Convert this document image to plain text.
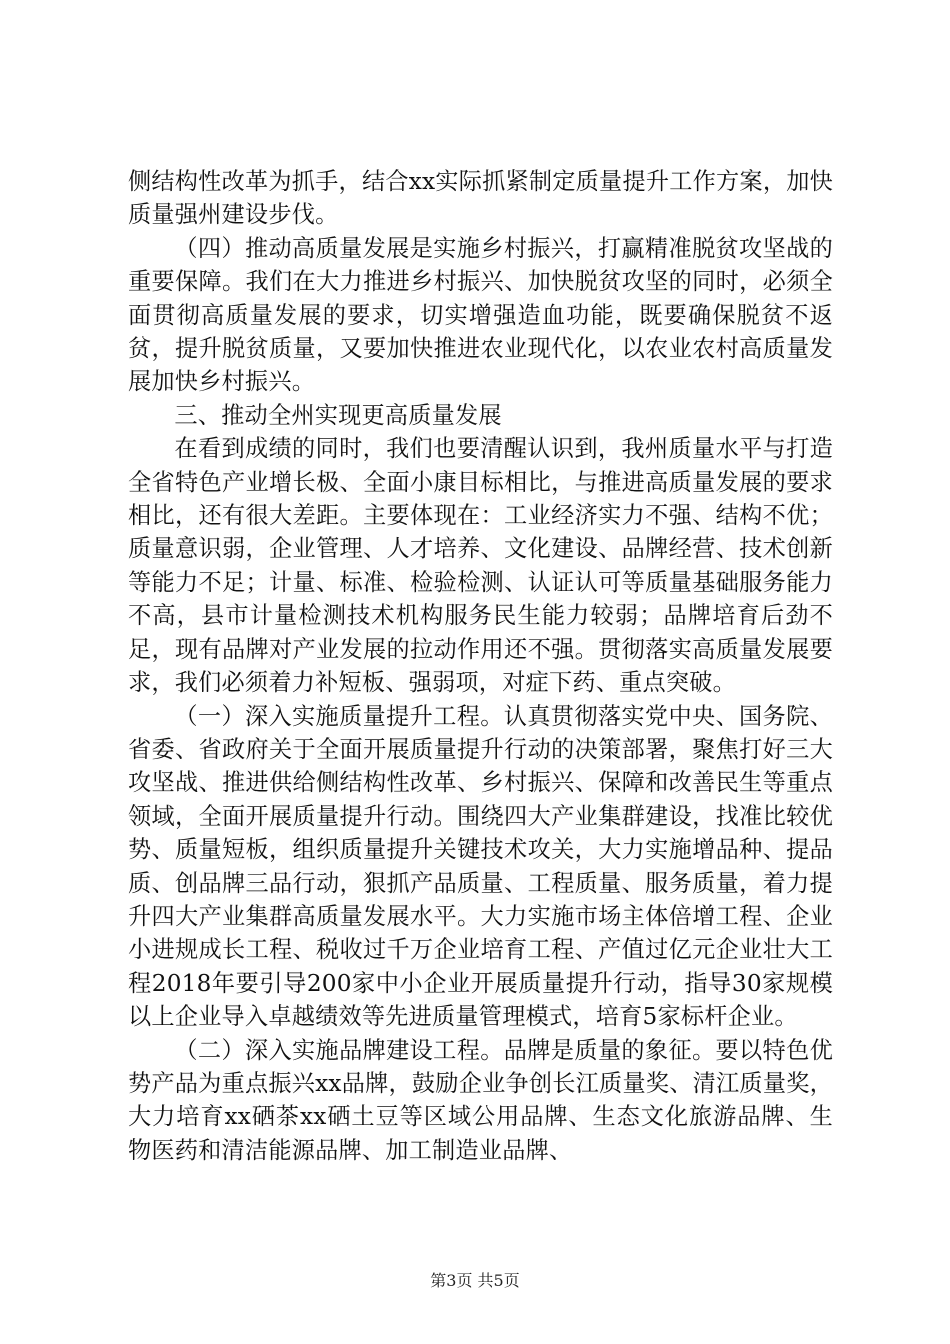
侧结构性改革为抓手，结合xx实际抓紧制定质量提升工作方案，加快质量强州建设步伐。

（四）推动高质量发展是实施乡村振兴，打赢精准脱贫攻坚战的重要保障。我们在大力推进乡村振兴、加快脱贫攻坚的同时，必须全面贯彻高质量发展的要求，切实增强造血功能，既要确保脱贫不返贫，提升脱贫质量，又要加快推进农业现代化，以农业农村高质量发展加快乡村振兴。

三、推动全州实现更高质量发展

在看到成绩的同时，我们也要清醒认识到，我州质量水平与打造全省特色产业增长极、全面小康目标相比，与推进高质量发展的要求相比，还有很大差距。主要体现在：工业经济实力不强、结构不优；质量意识弱，企业管理、人才培养、文化建设、品牌经营、技术创新等能力不足；计量、标准、检验检测、认证认可等质量基础服务能力不高，县市计量检测技术机构服务民生能力较弱；品牌培育后劲不足，现有品牌对产业发展的拉动作用还不强。贯彻落实高质量发展要求，我们必须着力补短板、强弱项，对症下药、重点突破。

（一）深入实施质量提升工程。认真贯彻落实党中央、国务院、省委、省政府关于全面开展质量提升行动的决策部署，聚焦打好三大攻坚战、推进供给侧结构性改革、乡村振兴、保障和改善民生等重点领域，全面开展质量提升行动。围绕四大产业集群建设，找准比较优势、质量短板，组织质量提升关键技术攻关，大力实施增品种、提品质、创品牌三品行动，狠抓产品质量、工程质量、服务质量，着力提升四大产业集群高质量发展水平。大力实施市场主体倍增工程、企业小进规成长工程、税收过千万企业培育工程、产值过亿元企业壮大工程2018年要引导200家中小企业开展质量提升行动，指导30家规模以上企业导入卓越绩效等先进质量管理模式，培育5家标杆企业。

（二）深入实施品牌建设工程。品牌是质量的象征。要以特色优势产品为重点振兴xx品牌，鼓励企业争创长江质量奖、清江质量奖，大力培育xx硒茶xx硒土豆等区域公用品牌、生态文化旅游品牌、生物医药和清洁能源品牌、加工制造业品牌、

第3页 共5页
